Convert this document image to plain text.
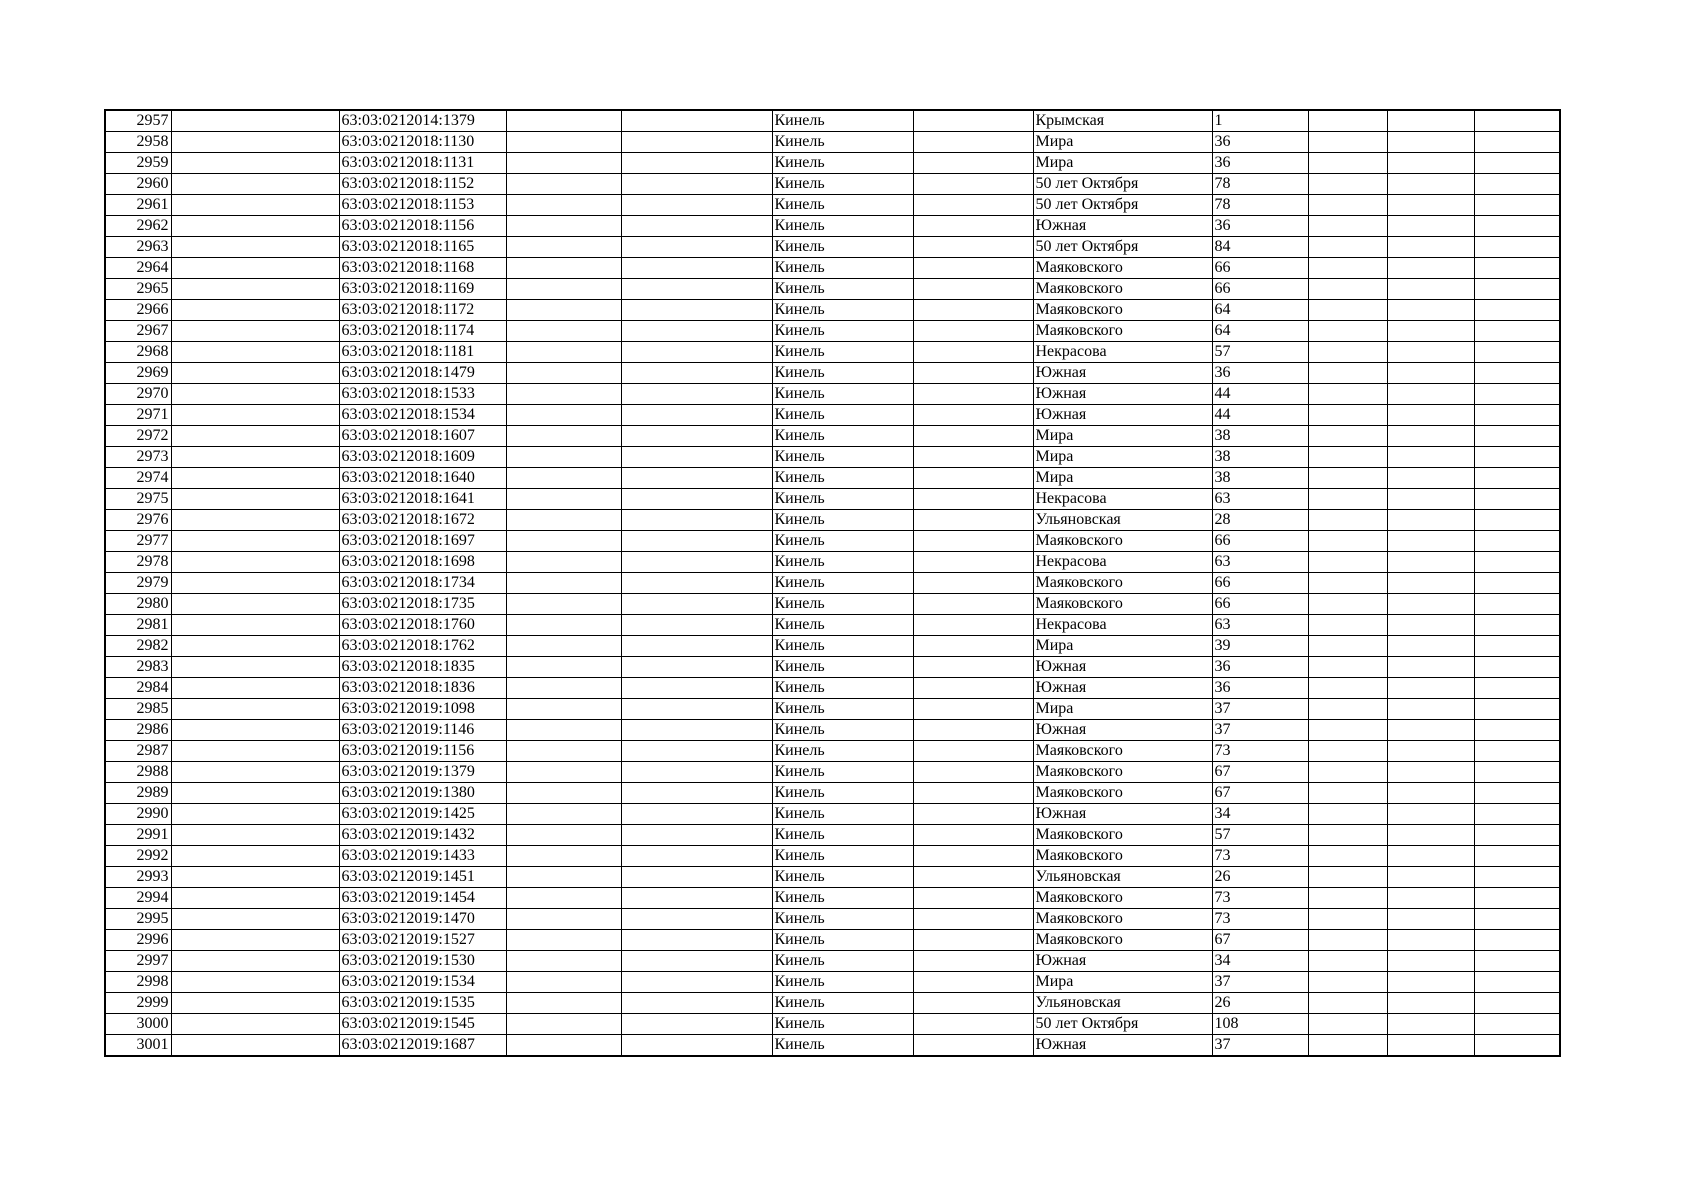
2957		63:03:0212014:1379			Кинель		Крымская	1			
2958		63:03:0212018:1130			Кинель		Мира	36			
2959		63:03:0212018:1131			Кинель		Мира	36			
2960		63:03:0212018:1152			Кинель		50 лет Октября	78			
2961		63:03:0212018:1153			Кинель		50 лет Октября	78			
2962		63:03:0212018:1156			Кинель		Южная	36			
2963		63:03:0212018:1165			Кинель		50 лет Октября	84			
2964		63:03:0212018:1168			Кинель		Маяковского	66			
2965		63:03:0212018:1169			Кинель		Маяковского	66			
2966		63:03:0212018:1172			Кинель		Маяковского	64			
2967		63:03:0212018:1174			Кинель		Маяковского	64			
2968		63:03:0212018:1181			Кинель		Некрасова	57			
2969		63:03:0212018:1479			Кинель		Южная	36			
2970		63:03:0212018:1533			Кинель		Южная	44			
2971		63:03:0212018:1534			Кинель		Южная	44			
2972		63:03:0212018:1607			Кинель		Мира	38			
2973		63:03:0212018:1609			Кинель		Мира	38			
2974		63:03:0212018:1640			Кинель		Мира	38			
2975		63:03:0212018:1641			Кинель		Некрасова	63			
2976		63:03:0212018:1672			Кинель		Ульяновская	28			
2977		63:03:0212018:1697			Кинель		Маяковского	66			
2978		63:03:0212018:1698			Кинель		Некрасова	63			
2979		63:03:0212018:1734			Кинель		Маяковского	66			
2980		63:03:0212018:1735			Кинель		Маяковского	66			
2981		63:03:0212018:1760			Кинель		Некрасова	63			
2982		63:03:0212018:1762			Кинель		Мира	39			
2983		63:03:0212018:1835			Кинель		Южная	36			
2984		63:03:0212018:1836			Кинель		Южная	36			
2985		63:03:0212019:1098			Кинель		Мира	37			
2986		63:03:0212019:1146			Кинель		Южная	37			
2987		63:03:0212019:1156			Кинель		Маяковского	73			
2988		63:03:0212019:1379			Кинель		Маяковского	67			
2989		63:03:0212019:1380			Кинель		Маяковского	67			
2990		63:03:0212019:1425			Кинель		Южная	34			
2991		63:03:0212019:1432			Кинель		Маяковского	57			
2992		63:03:0212019:1433			Кинель		Маяковского	73			
2993		63:03:0212019:1451			Кинель		Ульяновская	26			
2994		63:03:0212019:1454			Кинель		Маяковского	73			
2995		63:03:0212019:1470			Кинель		Маяковского	73			
2996		63:03:0212019:1527			Кинель		Маяковского	67			
2997		63:03:0212019:1530			Кинель		Южная	34			
2998		63:03:0212019:1534			Кинель		Мира	37			
2999		63:03:0212019:1535			Кинель		Ульяновская	26			
3000		63:03:0212019:1545			Кинель		50 лет Октября	108			
3001		63:03:0212019:1687			Кинель		Южная	37			
